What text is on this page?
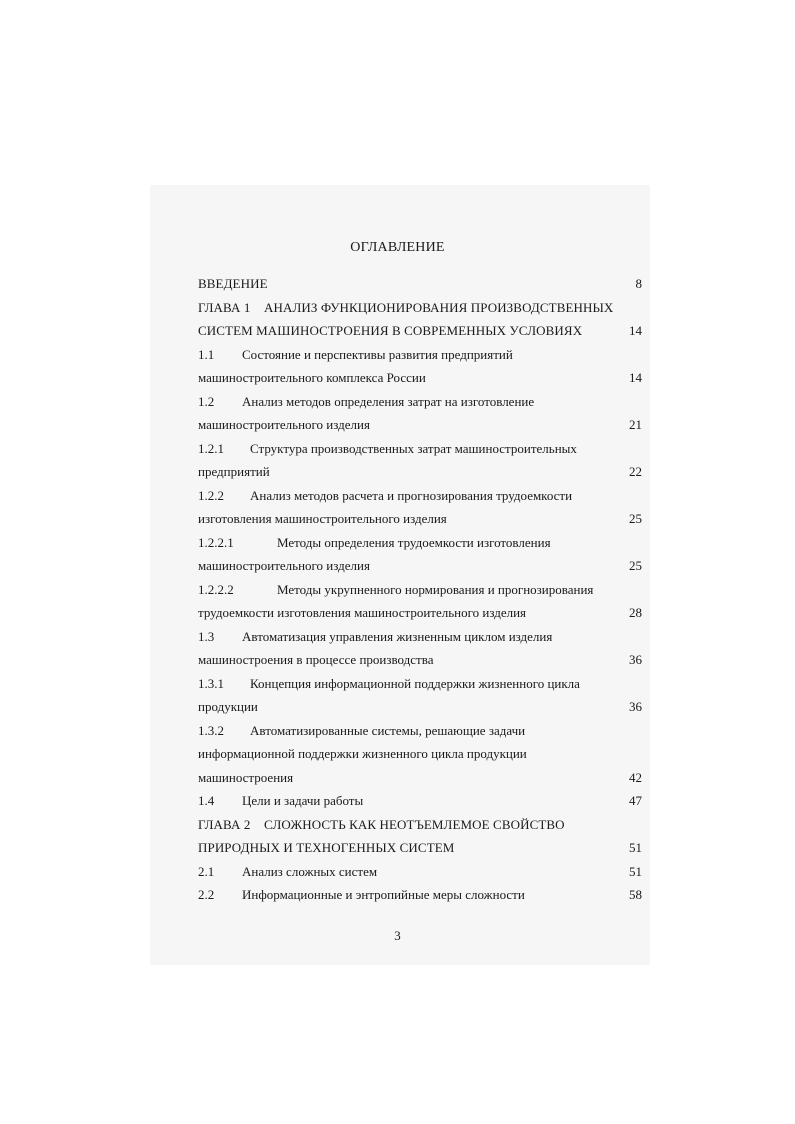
ОГЛАВЛЕНИЕ
ВВЕДЕНИЕ	8
ГЛАВА 1 АНАЛИЗ ФУНКЦИОНИРОВАНИЯ ПРОИЗВОДСТВЕННЫХ
СИСТЕМ МАШИНОСТРОЕНИЯ В СОВРЕМЕННЫХ УСЛОВИЯХ	14
1.1 Состояние и перспективы развития предприятий
машиностроительного комплекса России	14
1.2 Анализ методов определения затрат на изготовление
машиностроительного изделия	21
1.2.1 Структура производственных затрат машиностроительных
предприятий	22
1.2.2 Анализ методов расчета и прогнозирования трудоемкости
изготовления машиностроительного изделия	25
1.2.2.1	Методы определения трудоемкости изготовления
машиностроительного изделия	25
1.2.2.2	Методы укрупненного нормирования и прогнозирования
трудоемкости изготовления машиностроительного изделия	28
1.3 Автоматизация управления жизненным циклом изделия
машиностроения в процессе производства	36
1.3.1 Концепция информационной поддержки жизненного цикла
продукции	36
1.3.2 Автоматизированные системы, решающие задачи
информационной поддержки жизненного цикла продукции
машиностроения	42
1.4 Цели и задачи работы	47
ГЛАВА 2 СЛОЖНОСТЬ КАК НЕОТЪЕМЛЕМОЕ СВОЙСТВО
ПРИРОДНЫХ И ТЕХНОГЕННЫХ СИСТЕМ	51
2.1 Анализ сложных систем	51
2.2 Информационные и энтропийные меры сложности	58
3
